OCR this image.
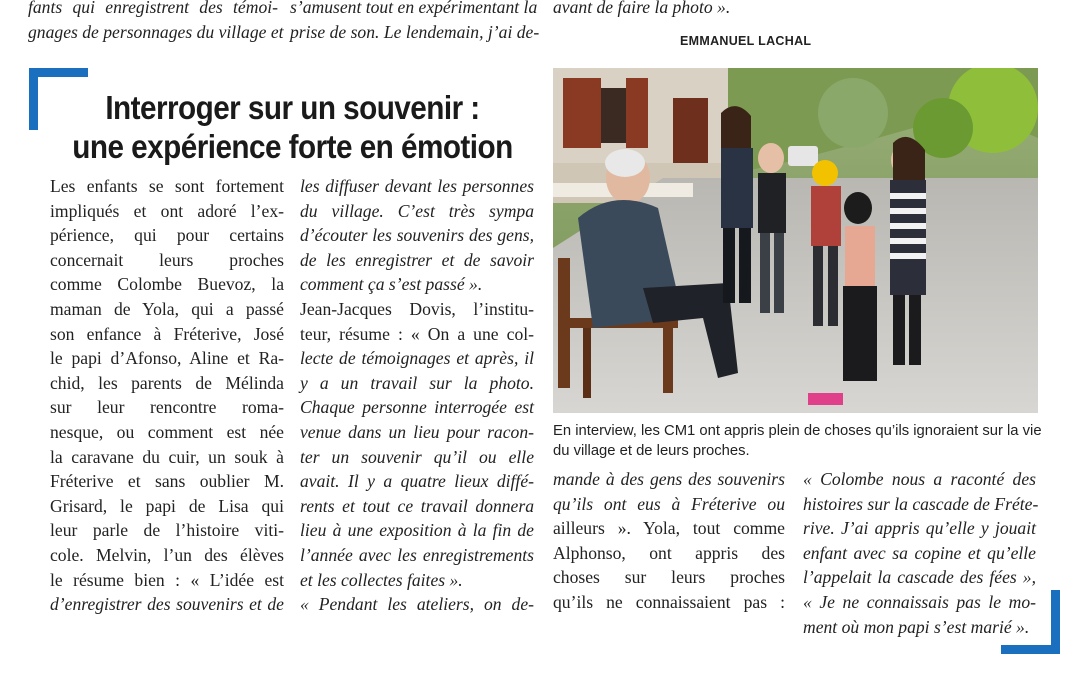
fants qui enregistrent des témoi-

gnages de personnages du village et

s’amusent tout en expérimentant la

prise de son. Le lendemain, j’ai de-

avant de faire la photo ».

EMMANUEL LACHAL
Interroger sur un souvenir :
une expérience forte en émotion

Les enfants se sont fortement

impliqués et ont adoré l’ex-

périence, qui pour certains

concernait leurs proches

comme Colombe Buevoz, la

maman de Yola, qui a passé

son enfance à Fréterive, José

le papi d’Afonso, Aline et Ra-

chid, les parents de Mélinda

sur leur rencontre roma-

nesque, ou comment est née

la caravane du cuir, un souk à

Fréterive et sans oublier M.

Grisard, le papi de Lisa qui

leur parle de l’histoire viti-

cole. Melvin, l’un des élèves

le résume bien : « L’idée est

d’enregistrer des souvenirs et de

les diffuser devant les personnes

du village. C’est très sympa

d’écouter les souvenirs des gens,

de les enregistrer et de savoir

comment ça s’est passé ».

Jean-Jacques Dovis, l’institu-

teur, résume : « On a une col-

lecte de témoignages et après, il

y a un travail sur la photo.

Chaque personne interrogée est

venue dans un lieu pour racon-

ter un souvenir qu’il ou elle

avait. Il y a quatre lieux diffé-

rents et tout ce travail donnera

lieu à une exposition à la fin de

l’année avec les enregistrements

et les collectes faites ».

« Pendant les ateliers, on de-

En interview, les CM1 ont appris plein de choses qu’ils ignoraient sur la vie du village et de leurs proches.

mande à des gens des souvenirs

qu’ils ont eus à Fréterive ou

ailleurs ». Yola, tout comme

Alphonso, ont appris des

choses sur leurs proches

qu’ils ne connaissaient pas :

« Colombe nous a raconté des

histoires sur la cascade de Fréte-

rive. J’ai appris qu’elle y jouait

enfant avec sa copine et qu’elle

l’appelait la cascade des fées »,

« Je ne connaissais pas le mo-

ment où mon papi s’est marié ».
